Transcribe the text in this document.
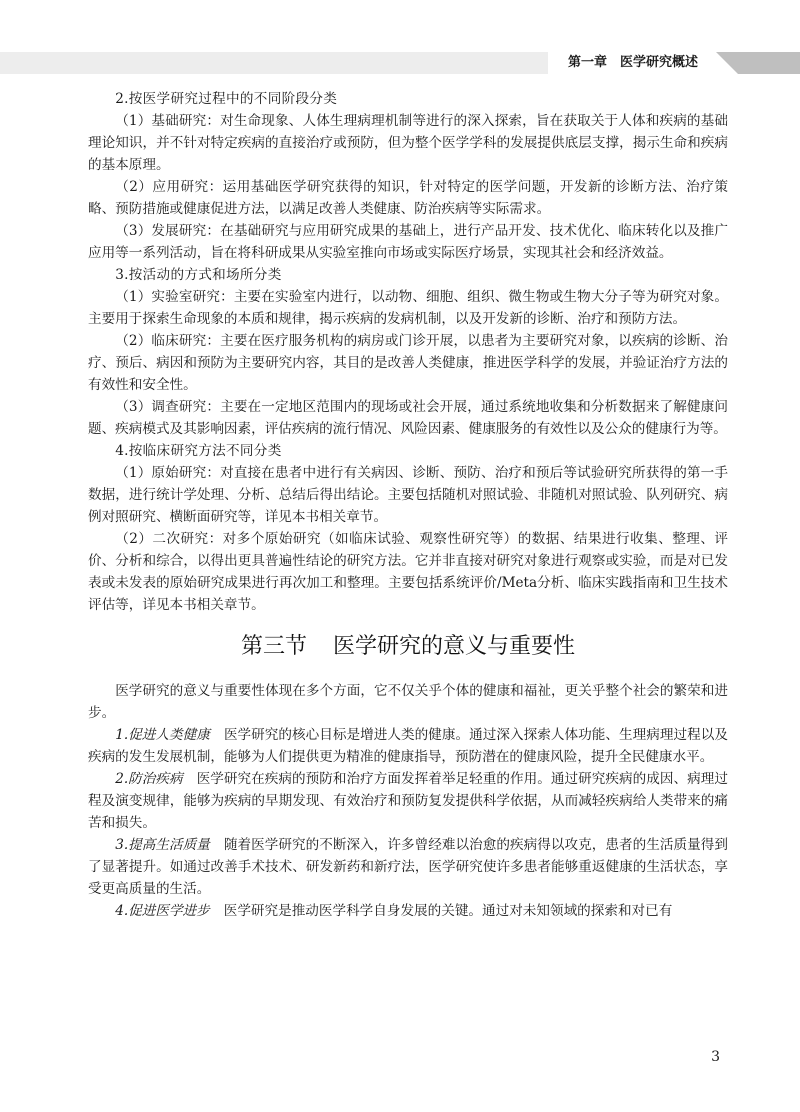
第一章　医学研究概述

2.按医学研究过程中的不同阶段分类

（1）基础研究：对生命现象、人体生理病理机制等进行的深入探索，旨在获取关于人体和疾病的基础理论知识，并不针对特定疾病的直接治疗或预防，但为整个医学学科的发展提供底层支撑，揭示生命和疾病的基本原理。

（2）应用研究：运用基础医学研究获得的知识，针对特定的医学问题，开发新的诊断方法、治疗策略、预防措施或健康促进方法，以满足改善人类健康、防治疾病等实际需求。

（3）发展研究：在基础研究与应用研究成果的基础上，进行产品开发、技术优化、临床转化以及推广应用等一系列活动，旨在将科研成果从实验室推向市场或实际医疗场景，实现其社会和经济效益。

3.按活动的方式和场所分类

（1）实验室研究：主要在实验室内进行，以动物、细胞、组织、微生物或生物大分子等为研究对象。主要用于探索生命现象的本质和规律，揭示疾病的发病机制，以及开发新的诊断、治疗和预防方法。

（2）临床研究：主要在医疗服务机构的病房或门诊开展，以患者为主要研究对象，以疾病的诊断、治疗、预后、病因和预防为主要研究内容，其目的是改善人类健康，推进医学科学的发展，并验证治疗方法的有效性和安全性。

（3）调查研究：主要在一定地区范围内的现场或社会开展，通过系统地收集和分析数据来了解健康问题、疾病模式及其影响因素，评估疾病的流行情况、风险因素、健康服务的有效性以及公众的健康行为等。

4.按临床研究方法不同分类

（1）原始研究：对直接在患者中进行有关病因、诊断、预防、治疗和预后等试验研究所获得的第一手数据，进行统计学处理、分析、总结后得出结论。主要包括随机对照试验、非随机对照试验、队列研究、病例对照研究、横断面研究等，详见本书相关章节。

（2）二次研究：对多个原始研究（如临床试验、观察性研究等）的数据、结果进行收集、整理、评价、分析和综合，以得出更具普遍性结论的研究方法。它并非直接对研究对象进行观察或实验，而是对已发表或未发表的原始研究成果进行再次加工和整理。主要包括系统评价/Meta分析、临床实践指南和卫生技术评估等，详见本书相关章节。

第三节 医学研究的意义与重要性

医学研究的意义与重要性体现在多个方面，它不仅关乎个体的健康和福祉，更关乎整个社会的繁荣和进步。

1.促进人类健康 医学研究的核心目标是增进人类的健康。通过深入探索人体功能、生理病理过程以及疾病的发生发展机制，能够为人们提供更为精准的健康指导，预防潜在的健康风险，提升全民健康水平。

2.防治疾病 医学研究在疾病的预防和治疗方面发挥着举足轻重的作用。通过研究疾病的成因、病理过程及演变规律，能够为疾病的早期发现、有效治疗和预防复发提供科学依据，从而减轻疾病给人类带来的痛苦和损失。

3.提高生活质量 随着医学研究的不断深入，许多曾经难以治愈的疾病得以攻克，患者的生活质量得到了显著提升。如通过改善手术技术、研发新药和新疗法，医学研究使许多患者能够重返健康的生活状态，享受更高质量的生活。

4.促进医学进步 医学研究是推动医学科学自身发展的关键。通过对未知领域的探索和对已有

3
